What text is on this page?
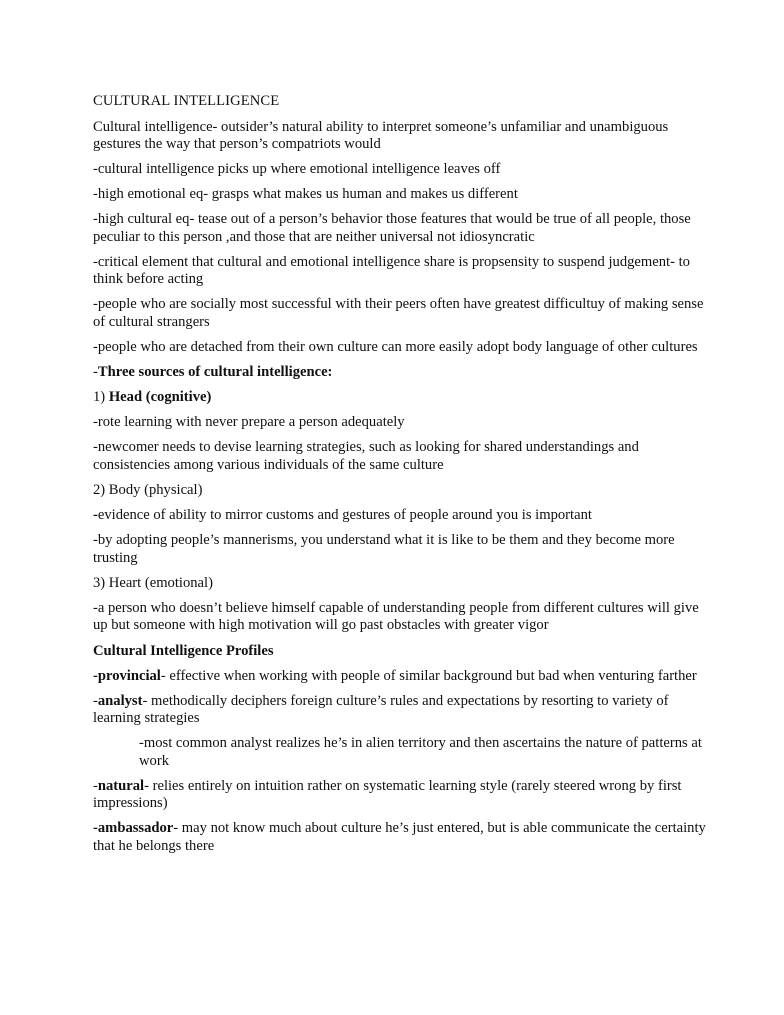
CULTURAL INTELLIGENCE

Cultural intelligence- outsider’s natural ability to interpret someone’s unfamiliar and unambiguous gestures the way that person’s compatriots would

-cultural intelligence picks up where emotional intelligence leaves off

-high emotional eq- grasps what makes us human and makes us different

-high cultural eq- tease out of a person’s behavior those features that would be true of all people, those peculiar to this person ,and those that are neither universal not idiosyncratic

-critical element that cultural and emotional intelligence share is propsensity to suspend judgement- to think before acting

-people who are socially most successful with their peers often have greatest difficultuy of making sense of cultural strangers

-people who are detached from their own culture can more easily adopt body language of other cultures

-Three sources of cultural intelligence:

1) Head (cognitive)

-rote learning with never prepare a person adequately

-newcomer needs to devise learning strategies, such as looking for shared understandings and consistencies among various individuals of the same culture

2) Body (physical)

-evidence of ability to mirror customs and gestures of people around you is important

-by adopting people’s mannerisms, you understand what it is like to be them and they become more trusting

3) Heart (emotional)

-a person who doesn’t believe himself capable of understanding people from different cultures will give up but someone with high motivation will go past obstacles with greater vigor

Cultural Intelligence Profiles

-provincial- effective when working with people of similar background but bad when venturing farther

-analyst- methodically deciphers foreign culture’s rules and expectations by resorting to variety of learning strategies

-most common analyst realizes he’s in alien territory and then ascertains the nature of patterns at work

-natural- relies entirely on intuition rather on systematic learning style (rarely steered wrong by first impressions)

-ambassador- may not know much about culture he’s just entered, but is able communicate the certainty that he belongs there
